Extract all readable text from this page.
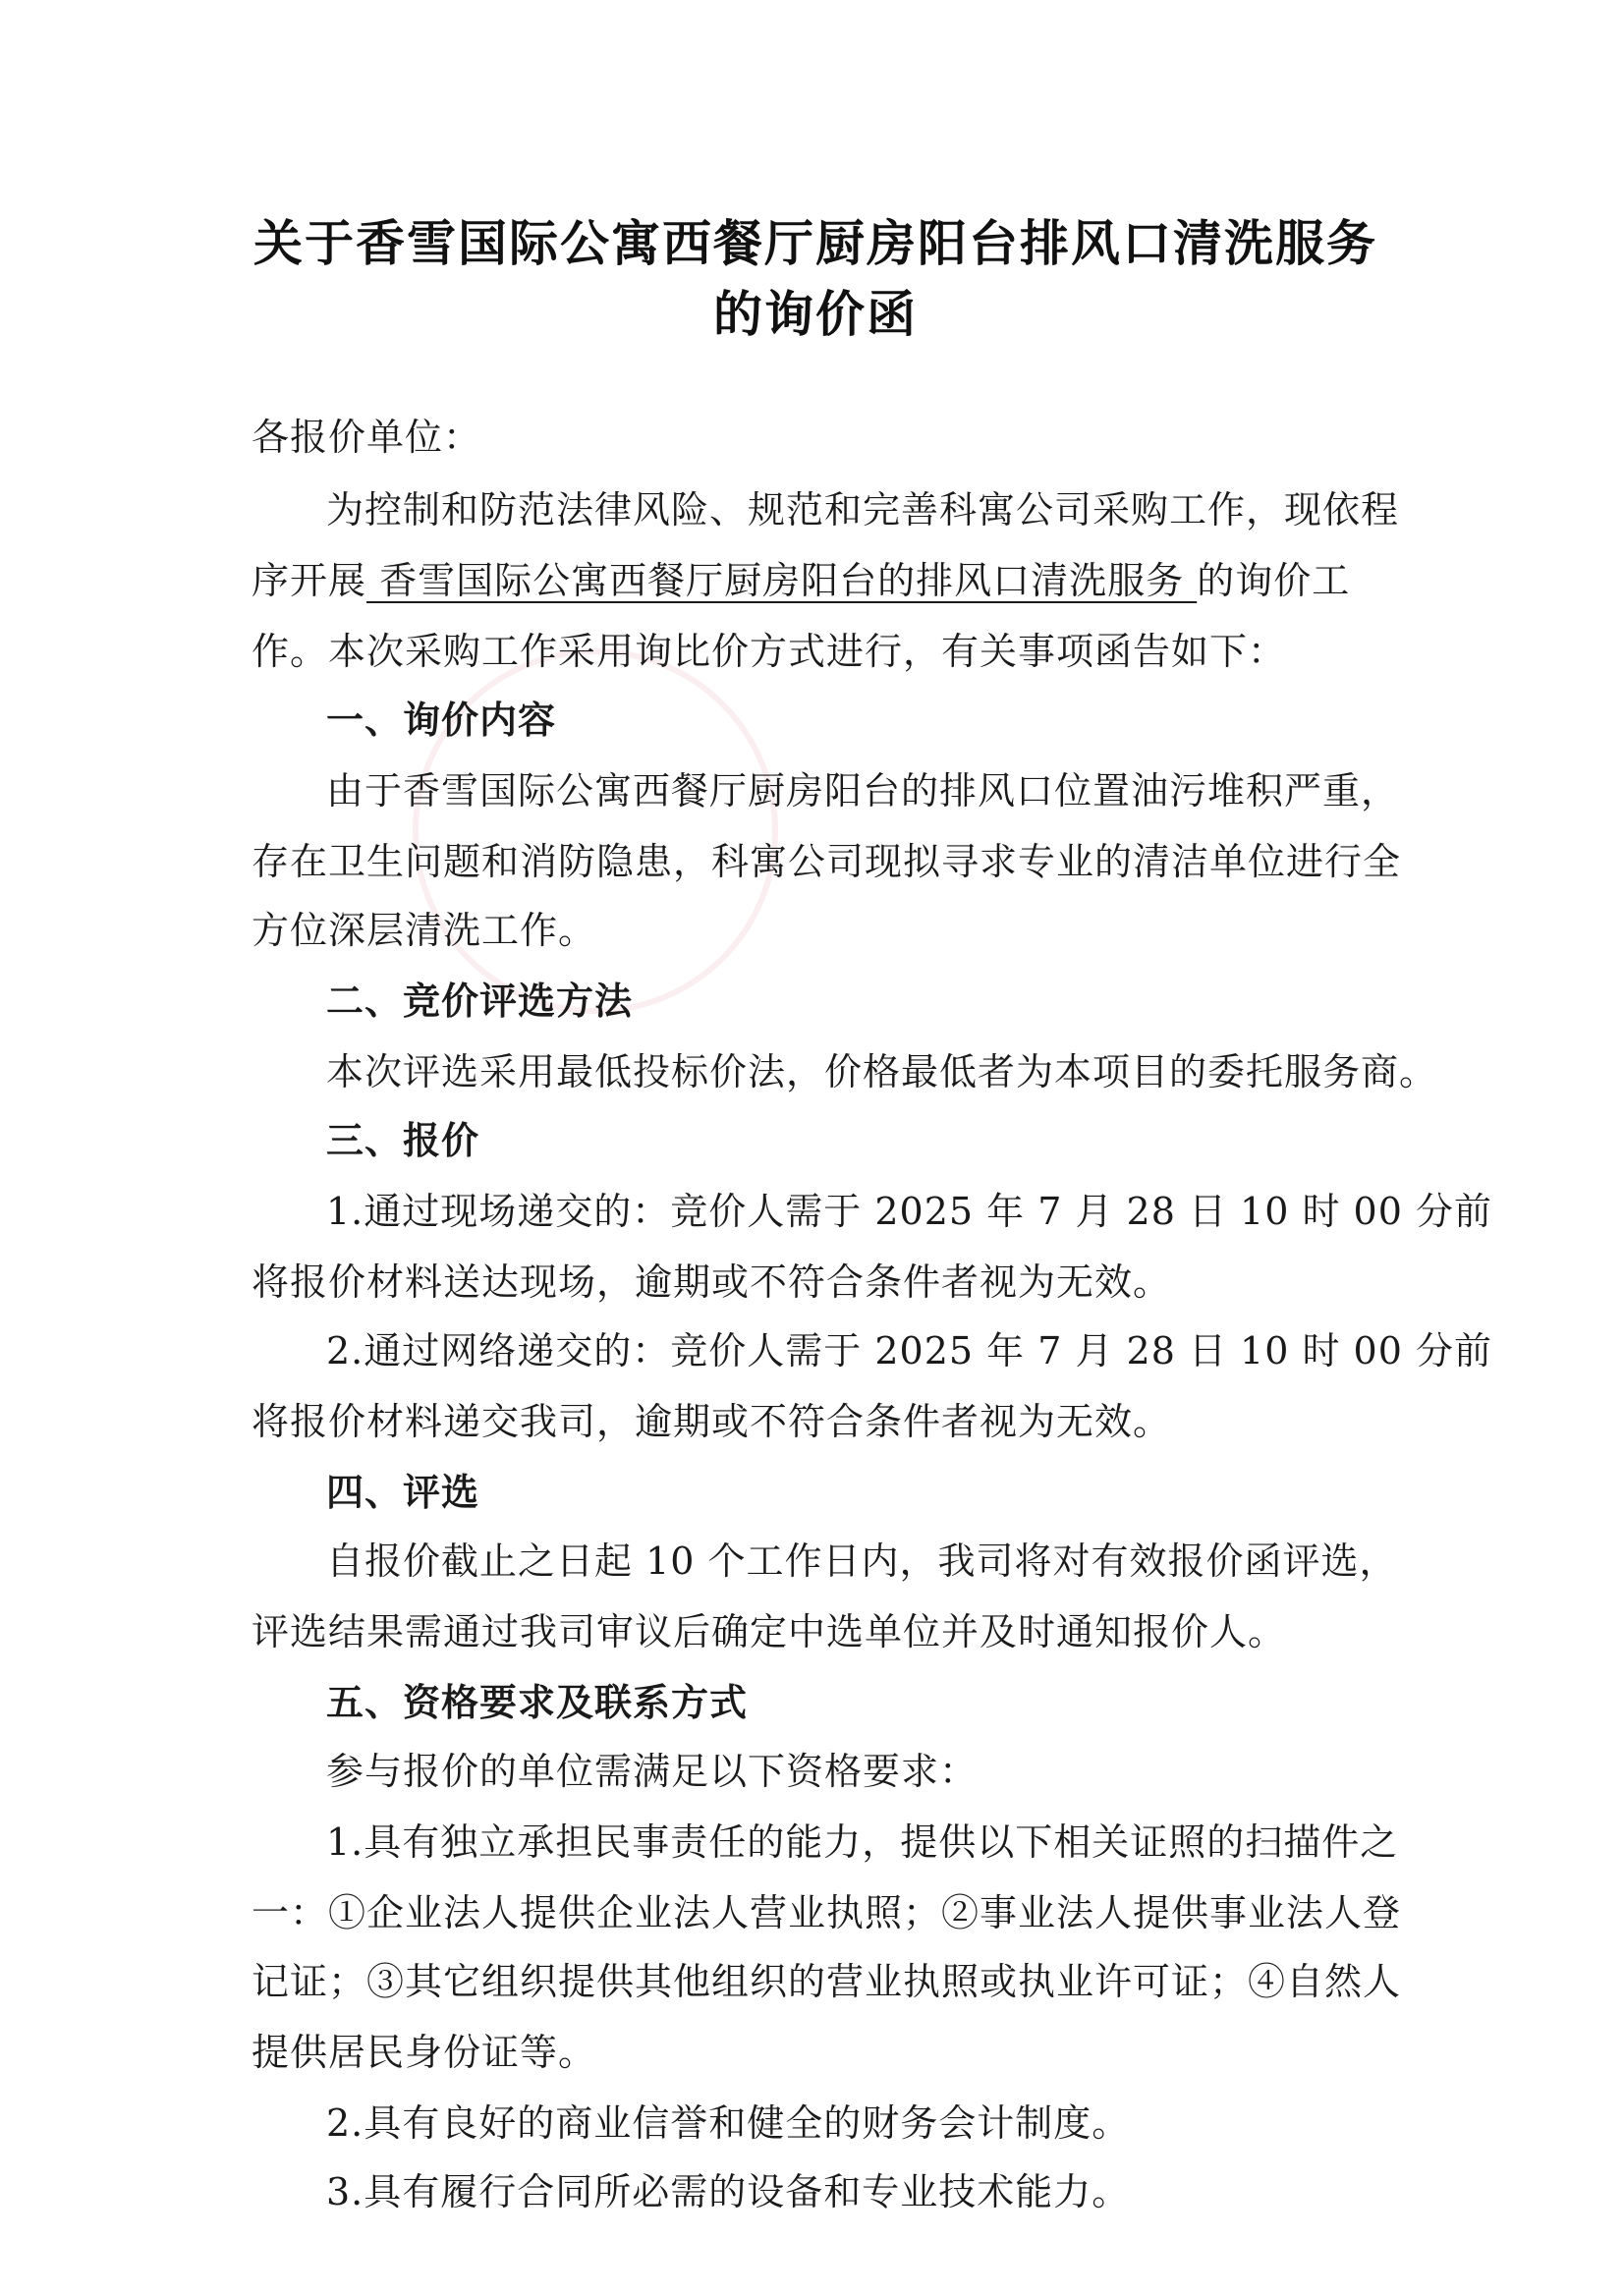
关于香雪国际公寓西餐厅厨房阳台排风口清洗服务
的询价函
各报价单位：
为控制和防范法律风险、规范和完善科寓公司采购工作，现依程
序开展 香雪国际公寓西餐厅厨房阳台的排风口清洗服务 的询价工
作。本次采购工作采用询比价方式进行，有关事项函告如下：
一、询价内容
由于香雪国际公寓西餐厅厨房阳台的排风口位置油污堆积严重，
存在卫生问题和消防隐患，科寓公司现拟寻求专业的清洁单位进行全
方位深层清洗工作。
二、竞价评选方法
本次评选采用最低投标价法，价格最低者为本项目的委托服务商。
三、报价
1.通过现场递交的：竞价人需于 2025 年 7 月 28 日 10 时 00 分前
将报价材料送达现场，逾期或不符合条件者视为无效。
2.通过网络递交的：竞价人需于 2025 年 7 月 28 日 10 时 00 分前
将报价材料递交我司，逾期或不符合条件者视为无效。
四、评选
自报价截止之日起 10 个工作日内，我司将对有效报价函评选，
评选结果需通过我司审议后确定中选单位并及时通知报价人。
五、资格要求及联系方式
参与报价的单位需满足以下资格要求：
1.具有独立承担民事责任的能力，提供以下相关证照的扫描件之
一：①企业法人提供企业法人营业执照；②事业法人提供事业法人登
记证；③其它组织提供其他组织的营业执照或执业许可证；④自然人
提供居民身份证等。
2.具有良好的商业信誉和健全的财务会计制度。
3.具有履行合同所必需的设备和专业技术能力。
